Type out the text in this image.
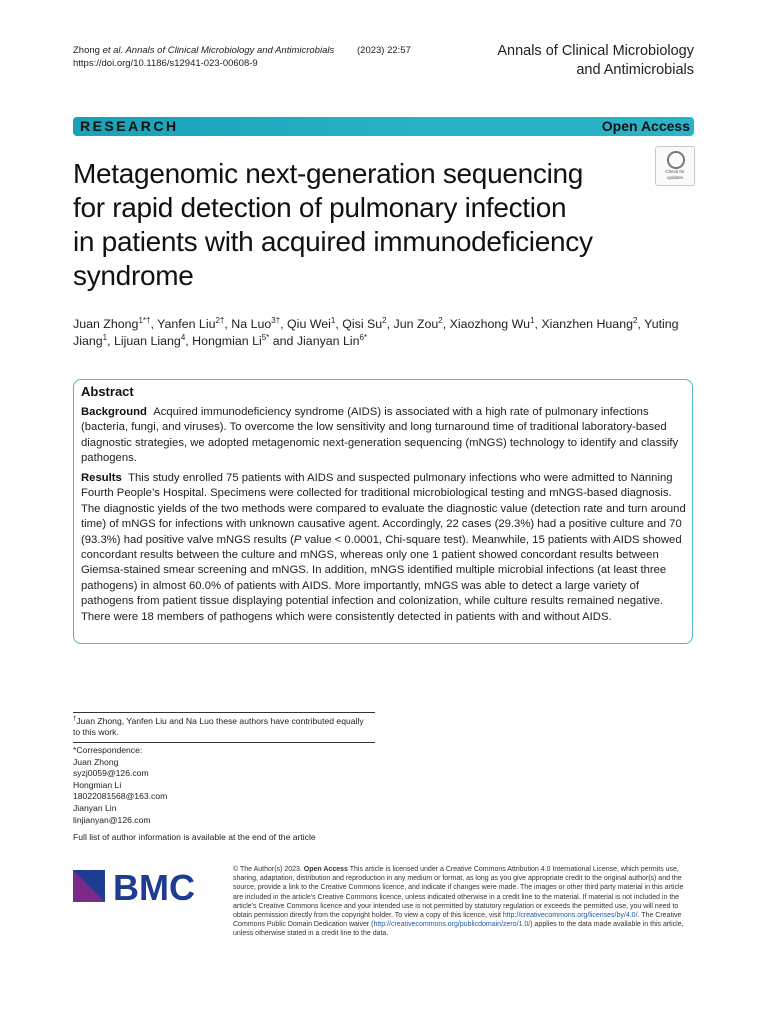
Zhong et al. Annals of Clinical Microbiology and Antimicrobials (2023) 22:57
https://doi.org/10.1186/s12941-023-00608-9
Annals of Clinical Microbiology
and Antimicrobials
RESEARCH	Open Access
Check for
updates
Metagenomic next-generation sequencing
for rapid detection of pulmonary infection
in patients with acquired immunodeficiency
syndrome
Juan Zhong$^{1*\dagger}$, Yanfen Liu$^{2\dagger}$, Na Luo$^{3\dagger}$, Qiu Wei$^1$, Qisi Su$^2$, Jun Zou$^2$, Xiaozhong Wu$^1$, Xianzhen Huang$^2$, Yuting Jiang$^1$, Lijuan Liang$^4$, Hongmian $Li^{5*}$ and Jianyan Lin$^{6*}$
Abstract
Background Acquired immunodeficiency syndrome (AIDS) is associated with a high rate of pulmonary infections (bacteria, fungi, and viruses). To overcome the low sensitivity and long turnaround time of traditional laboratory-based diagnostic strategies, we adopted metagenomic next-generation sequencing (mNGS) technology to identify and classify pathogens.
Results This study enrolled 75 patients with AIDS and suspected pulmonary infections who were admitted to Nanning Fourth People’s Hospital. Specimens were collected for traditional microbiological testing and mNGS-based diagnosis. The diagnostic yields of the two methods were compared to evaluate the diagnostic value (detection rate and turn around time) of mNGS for infections with unknown causative agent. Accordingly, 22 cases (29.3%) had a positive culture and 70 (93.3%) had positive valve mNGS results (P value < 0.0001, Chi-square test). Meanwhile, 15 patients with AIDS showed concordant results between the culture and mNGS, whereas only one 1 patient showed concordant results between Giemsa-stained smear screening and mNGS. In addition, mNGS identified multiple microbial infections (at least three pathogens) in almost 60.0% of patients with AIDS. More importantly, mNGS was able to detect a large variety of pathogens from patient tissue displaying potential infection and colonization, while culture results remained negative. There were 18 members of pathogens which were consistently detected in patients with and without AIDS.
†Juan Zhong, Yanfen Liu and Na Luo these authors have contributed equally to this work.
*Correspondence:
Juan Zhong
syzj0059@126.com
Hongmian Li
18022081568@163.com
Jianyan Lin
linjianyan@126.com
Full list of author information is available at the end of the article
BMC	© The Author(s) 2023. Open Access This article is licensed under a Creative Commons Attribution 4.0 International License, which permits use, sharing, adaptation, distribution and reproduction in any medium or format, as long as you give appropriate credit to the original author(s) and the source, provide a link to the Creative Commons licence, and indicate if changes were made. The images or other third party material in this article are included in the article's Creative Commons licence, unless indicated otherwise in a credit line to the material. If material is not included in the article's Creative Commons licence and your intended use is not permitted by statutory regulation or exceeds the permitted use, you will need to obtain permission directly from the copyright holder. To view a copy of this licence, visit http://creativecommons.org/licenses/by/4.0/. The Creative Commons Public Domain Dedication waiver (http://creativecommons.org/publicdomain/zero/1.0/) applies to the data made available in this article, unless otherwise stated in a credit line to the data.
